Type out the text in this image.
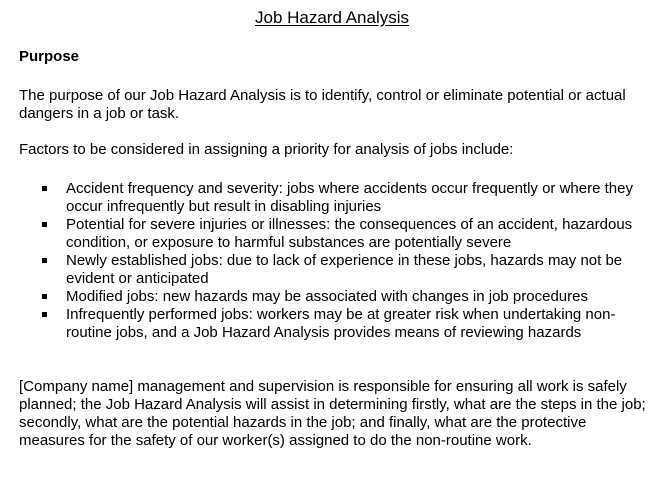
Job Hazard Analysis
Purpose

The purpose of our Job Hazard Analysis is to identify, control or eliminate potential or actual dangers in a job or task.

Factors to be considered in assigning a priority for analysis of jobs include:

Accident frequency and severity: jobs where accidents occur frequently or where they occur infrequently but result in disabling injuries
Potential for severe injuries or illnesses: the consequences of an accident, hazardous condition, or exposure to harmful substances are potentially severe
Newly established jobs: due to lack of experience in these jobs, hazards may not be evident or anticipated
Modified jobs: new hazards may be associated with changes in job procedures
Infrequently performed jobs: workers may be at greater risk when undertaking non-routine jobs, and a Job Hazard Analysis provides means of reviewing hazards

[Company name] management and supervision is responsible for ensuring all work is safely planned; the Job Hazard Analysis will assist in determining firstly, what are the steps in the job; secondly, what are the potential hazards in the job; and finally, what are the protective measures for the safety of our worker(s) assigned to do the non-routine work.
